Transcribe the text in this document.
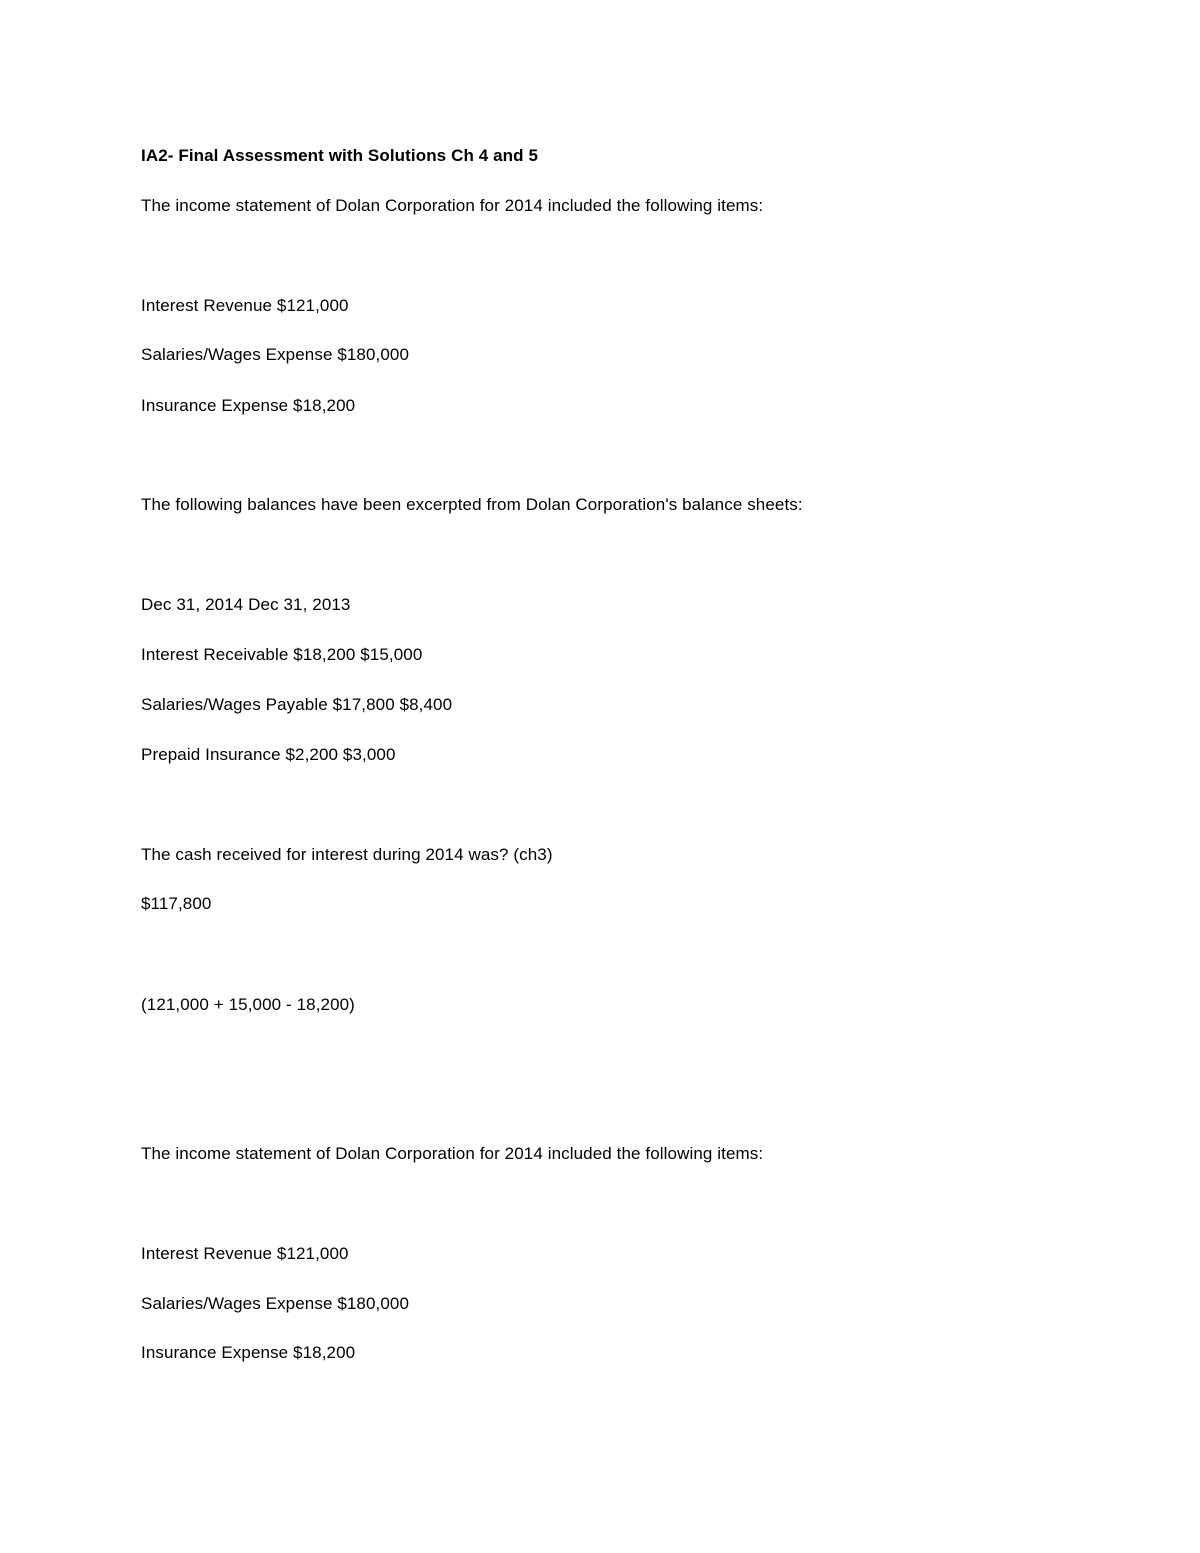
IA2- Final Assessment with Solutions Ch 4 and 5
The income statement of Dolan Corporation for 2014 included the following items:
Interest Revenue $121,000
Salaries/Wages Expense $180,000
Insurance Expense $18,200
The following balances have been excerpted from Dolan Corporation's balance sheets:
Dec 31, 2014 Dec 31, 2013
Interest Receivable $18,200 $15,000
Salaries/Wages Payable $17,800 $8,400
Prepaid Insurance $2,200 $3,000
The cash received for interest during 2014 was? (ch3)
$117,800
(121,000 + 15,000 - 18,200)
The income statement of Dolan Corporation for 2014 included the following items:
Interest Revenue $121,000
Salaries/Wages Expense $180,000
Insurance Expense $18,200
